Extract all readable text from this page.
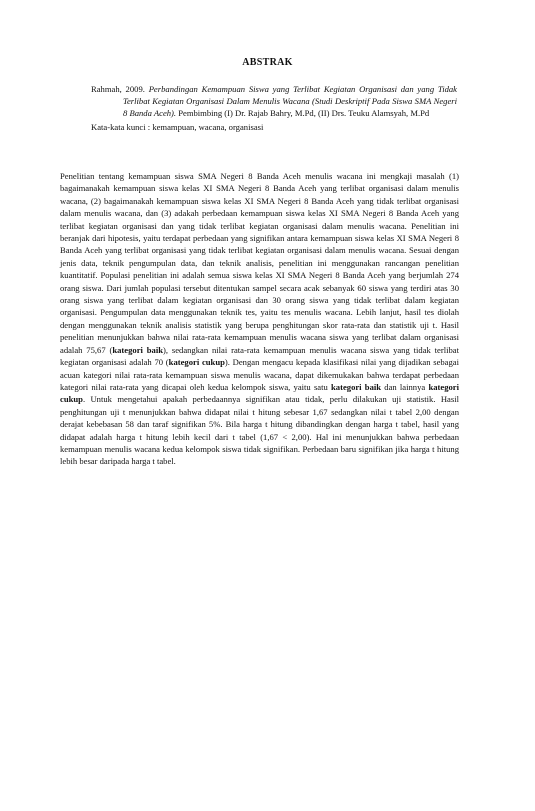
ABSTRAK
Rahmah, 2009. Perbandingan Kemampuan Siswa yang Terlibat Kegiatan Organisasi dan yang Tidak Terlibat Kegiatan Organisasi Dalam Menulis Wacana (Studi Deskriptif Pada Siswa SMA Negeri 8 Banda Aceh). Pembimbing (I) Dr. Rajab Bahry, M.Pd, (II) Drs. Teuku Alamsyah, M.Pd
Kata-kata kunci : kemampuan, wacana, organisasi
Penelitian tentang kemampuan siswa SMA Negeri 8 Banda Aceh menulis wacana ini mengkaji masalah (1) bagaimanakah kemampuan siswa kelas XI SMA Negeri 8 Banda Aceh yang terlibat organisasi dalam menulis wacana, (2) bagaimanakah kemampuan siswa kelas XI SMA Negeri 8 Banda Aceh yang tidak terlibat organisasi dalam menulis wacana, dan (3) adakah perbedaan kemampuan siswa kelas XI SMA Negeri 8 Banda Aceh yang terlibat kegiatan organisasi dan yang tidak terlibat kegiatan organisasi dalam menulis wacana. Penelitian ini beranjak dari hipotesis, yaitu terdapat perbedaan yang signifikan antara kemampuan siswa kelas XI SMA Negeri 8 Banda Aceh yang terlibat organisasi yang tidak terlibat kegiatan organisasi dalam menulis wacana. Sesuai dengan jenis data, teknik pengumpulan data, dan teknik analisis, penelitian ini menggunakan rancangan penelitian kuantitatif. Populasi penelitian ini adalah semua siswa kelas XI SMA Negeri 8 Banda Aceh yang berjumlah 274 orang siswa. Dari jumlah populasi tersebut ditentukan sampel secara acak sebanyak 60 siswa yang terdiri atas 30 orang siswa yang terlibat dalam kegiatan organisasi dan 30 orang siswa yang tidak terlibat dalam kegiatan organisasi. Pengumpulan data menggunakan teknik tes, yaitu tes menulis wacana. Lebih lanjut, hasil tes diolah dengan menggunakan teknik analisis statistik yang berupa penghitungan skor rata-rata dan statistik uji t. Hasil penelitian menunjukkan bahwa nilai rata-rata kemampuan menulis wacana siswa yang terlibat dalam organisasi adalah 75,67 (kategori baik), sedangkan nilai rata-rata kemampuan menulis wacana siswa yang tidak terlibat kegiatan organisasi adalah 70 (kategori cukup). Dengan mengacu kepada klasifikasi nilai yang dijadikan sebagai acuan kategori nilai rata-rata kemampuan siswa menulis wacana, dapat dikemukakan bahwa terdapat perbedaan kategori nilai rata-rata yang dicapai oleh kedua kelompok siswa, yaitu satu kategori baik dan lainnya kategori cukup. Untuk mengetahui apakah perbedaannya signifikan atau tidak, perlu dilakukan uji statistik. Hasil penghitungan uji t menunjukkan bahwa didapat nilai t hitung sebesar 1,67 sedangkan nilai t tabel 2,00 dengan derajat kebebasan 58 dan taraf signifikan 5%. Bila harga t hitung dibandingkan dengan harga t tabel, hasil yang didapat adalah harga t hitung lebih kecil dari t tabel (1,67 < 2,00). Hal ini menunjukkan bahwa perbedaan kemampuan menulis wacana kedua kelompok siswa tidak signifikan. Perbedaan baru signifikan jika harga t hitung lebih besar daripada harga t tabel.
